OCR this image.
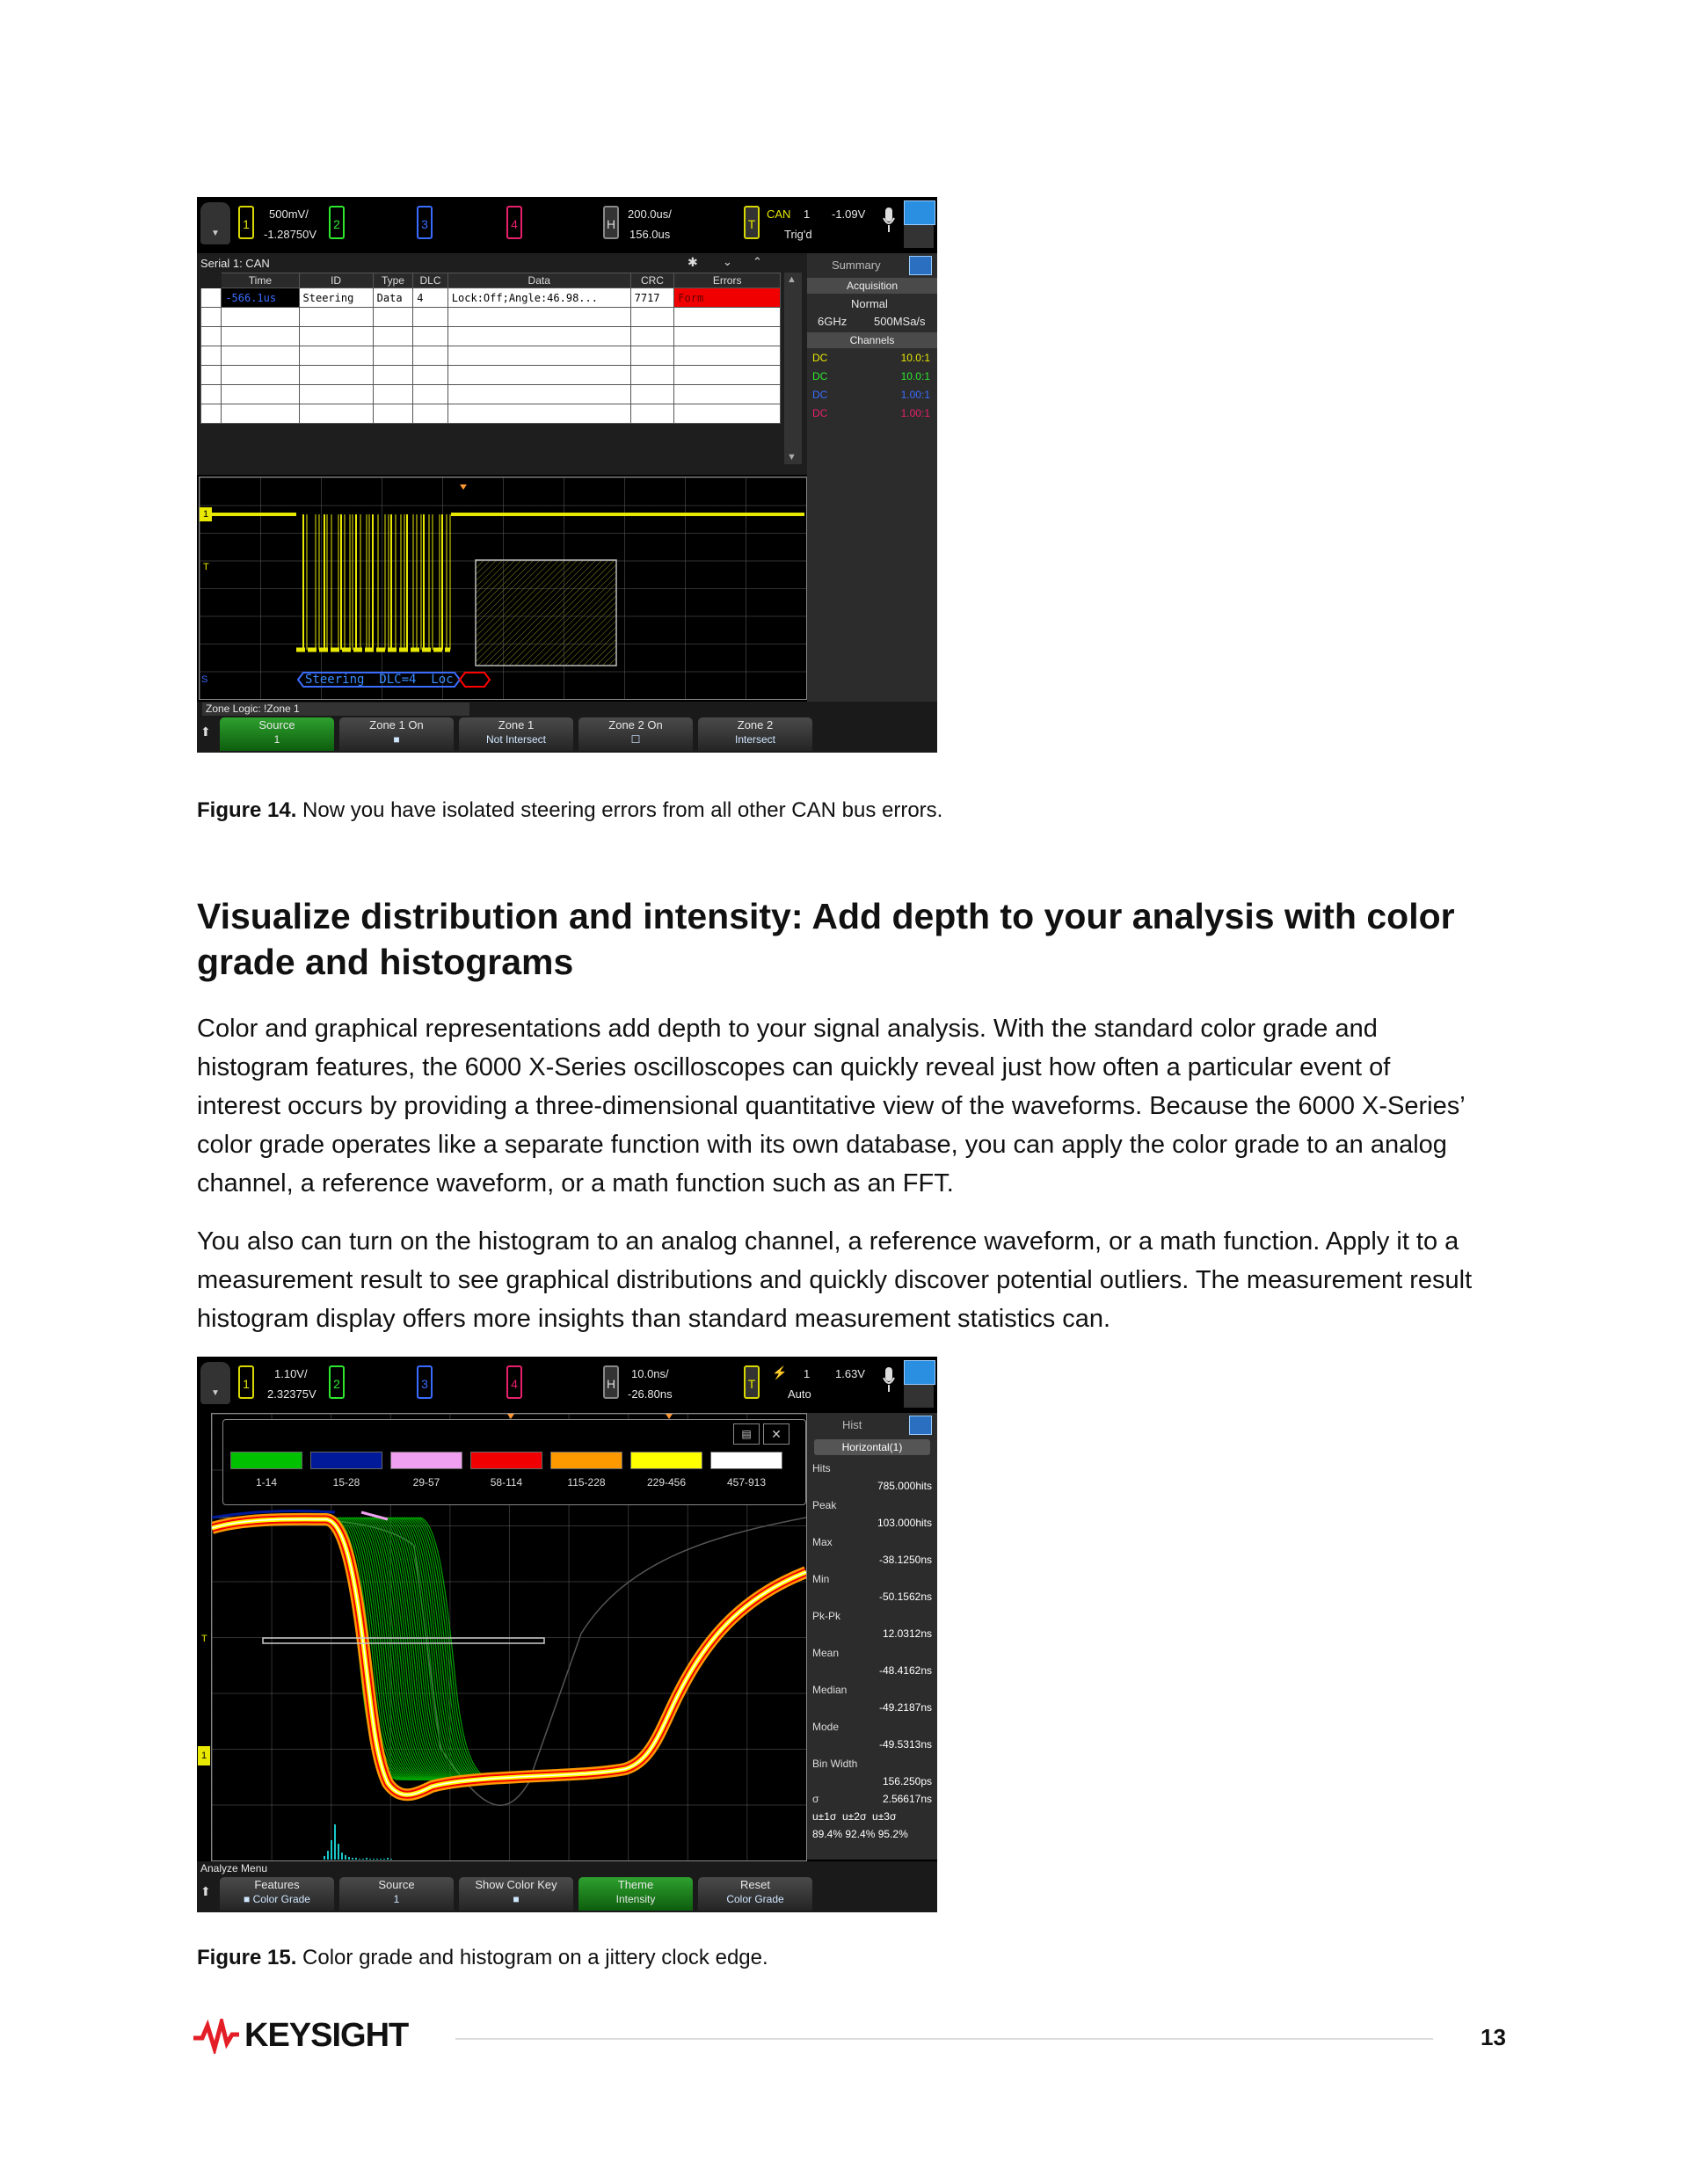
▼
1
500mV/
-1.28750V
2	3	4	H
200.0us/
156.0us
T
CAN 1 -1.09V
Trig'd
Serial 1: CAN	✱ ⌄ ⌃
	Time	ID	Type	DLC	Data	CRC	Errors
	-566.1us	Steering	Data	4	Lock:Off;Angle:46.98...	7717	Form

▲
▼
Summary
Acquisition
Normal
6GHz 500MSa/s
Channels
DC	10.0:1
DC	10.0:1
DC	1.00:1
DC	1.00:1
1
T
Steering  DLC=4  Loc
S
Zone Logic: !Zone 1
⬆	Source
1
Zone 1 On
■
Zone 1
Not Intersect
Zone 2 On
☐
Zone 2
Intersect
Figure 14. Now you have isolated steering errors from all other CAN bus errors.
Visualize distribution and intensity: Add depth to your analysis with color grade and histograms
Color and graphical representations add depth to your signal analysis. With the standard color grade and histogram features, the 6000 X-Series oscilloscopes can quickly reveal just how often a particular event of interest occurs by providing a three-dimensional quantitative view of the waveforms. Because the 6000 X-Series’ color grade operates like a separate function with its own database, you can apply the color grade to an analog channel, a reference waveform, or a math function such as an FFT.
You also can turn on the histogram to an analog channel, a reference waveform, or a math function. Apply it to a measurement result to see graphical distributions and quickly discover potential outliers. The measurement result histogram display offers more insights than standard measurement statistics can.
▼
1
1.10V/
2.32375V
2	3	4	H
10.0ns/
-26.80ns
T
⚡ 1 1.63V
Auto
▤	✕
1-14	15-28	29-57	58-114	115-228	229-456	457-913
1
T
Hist
Horizontal(1)
Hits
785.000hits
Peak
103.000hits
Max
-38.1250ns
Min
-50.1562ns
Pk-Pk
12.0312ns
Mean
-48.4162ns
Median
-49.2187ns
Mode
-49.5313ns
Bin Width
156.250ps
σ	2.56617ns
u±1σ  u±2σ  u±3σ
89.4% 92.4% 95.2%
Analyze Menu
⬆	Features
■ Color Grade
Source
1
Show Color Key
■
Theme
Intensity
Reset
Color Grade
Figure 15. Color grade and histogram on a jittery clock edge.
KEYSIGHT	13
